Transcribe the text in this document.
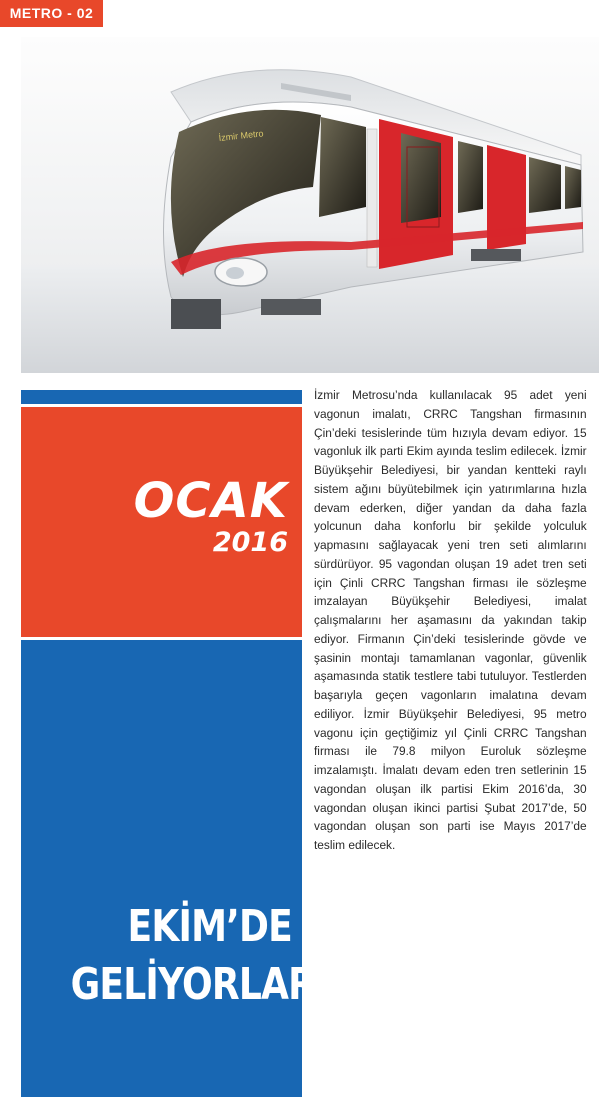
METRO - 02
İzmir Metro
OCAK
2016
EKİM’DE
GELİYORLAR
İzmir Metrosu’nda kullanılacak 95 adet yeni vagonun imalatı, CRRC Tangshan firmasının Çin’deki tesislerinde tüm hızıyla devam ediyor. 15 vagonluk ilk parti Ekim ayında teslim edilecek. İzmir Büyükşehir Belediyesi, bir yandan kentteki raylı sistem ağını büyütebilmek için yatırımlarına hızla devam ederken, diğer yandan da daha fazla yolcunun daha konforlu bir şekilde yolculuk yapmasını sağlayacak yeni tren seti alımlarını sürdürüyor. 95 vagondan oluşan 19 adet tren seti için Çinli CRRC Tangshan firması ile sözleşme imzalayan Büyükşehir Belediyesi, imalat çalışmalarını her aşamasını da yakından takip ediyor. Firmanın Çin’deki tesislerinde gövde ve şasinin montajı tamamlanan vagonlar, güvenlik aşamasında statik testlere tabi tutuluyor. Testlerden başarıyla geçen vagonların imalatına devam ediliyor. İzmir Büyükşehir Belediyesi, 95 metro vagonu için geçtiğimiz yıl Çinli CRRC Tangshan firması ile 79.8 milyon Euroluk sözleşme imzalamıştı. İmalatı devam eden tren setlerinin 15 vagondan oluşan ilk partisi Ekim 2016’da, 30 vagondan oluşan ikinci partisi Şubat 2017’de, 50 vagondan oluşan son parti ise Mayıs 2017’de teslim edilecek.
